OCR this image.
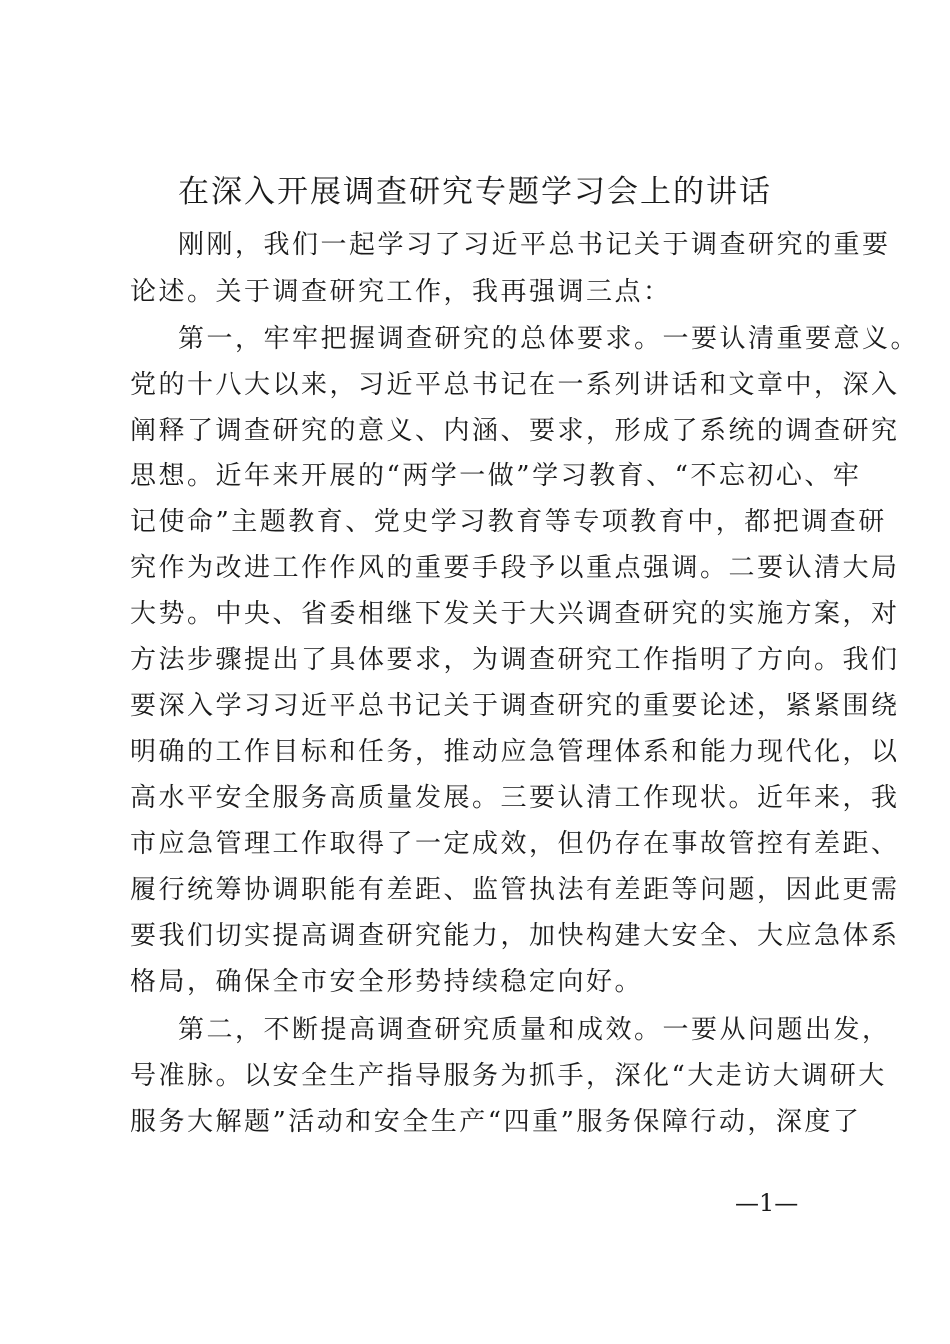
在深入开展调查研究专题学习会上的讲话
刚刚，我们一起学习了习近平总书记关于调查研究的重要
论述。关于调查研究工作，我再强调三点：
第一，牢牢把握调查研究的总体要求。一要认清重要意义。
党的十八大以来，习近平总书记在一系列讲话和文章中，深入
阐释了调查研究的意义、内涵、要求，形成了系统的调查研究
思想。近年来开展的“两学一做”学习教育、“不忘初心、牢
记使命”主题教育、党史学习教育等专项教育中，都把调查研
究作为改进工作作风的重要手段予以重点强调。二要认清大局
大势。中央、省委相继下发关于大兴调查研究的实施方案，对
方法步骤提出了具体要求，为调查研究工作指明了方向。我们
要深入学习习近平总书记关于调查研究的重要论述，紧紧围绕
明确的工作目标和任务，推动应急管理体系和能力现代化，以
高水平安全服务高质量发展。三要认清工作现状。近年来，我
市应急管理工作取得了一定成效，但仍存在事故管控有差距、
履行统筹协调职能有差距、监管执法有差距等问题，因此更需
要我们切实提高调查研究能力，加快构建大安全、大应急体系
格局，确保全市安全形势持续稳定向好。
第二，不断提高调查研究质量和成效。一要从问题出发，
号准脉。以安全生产指导服务为抓手，深化“大走访大调研大
服务大解题”活动和安全生产“四重”服务保障行动，深度了
—1—
